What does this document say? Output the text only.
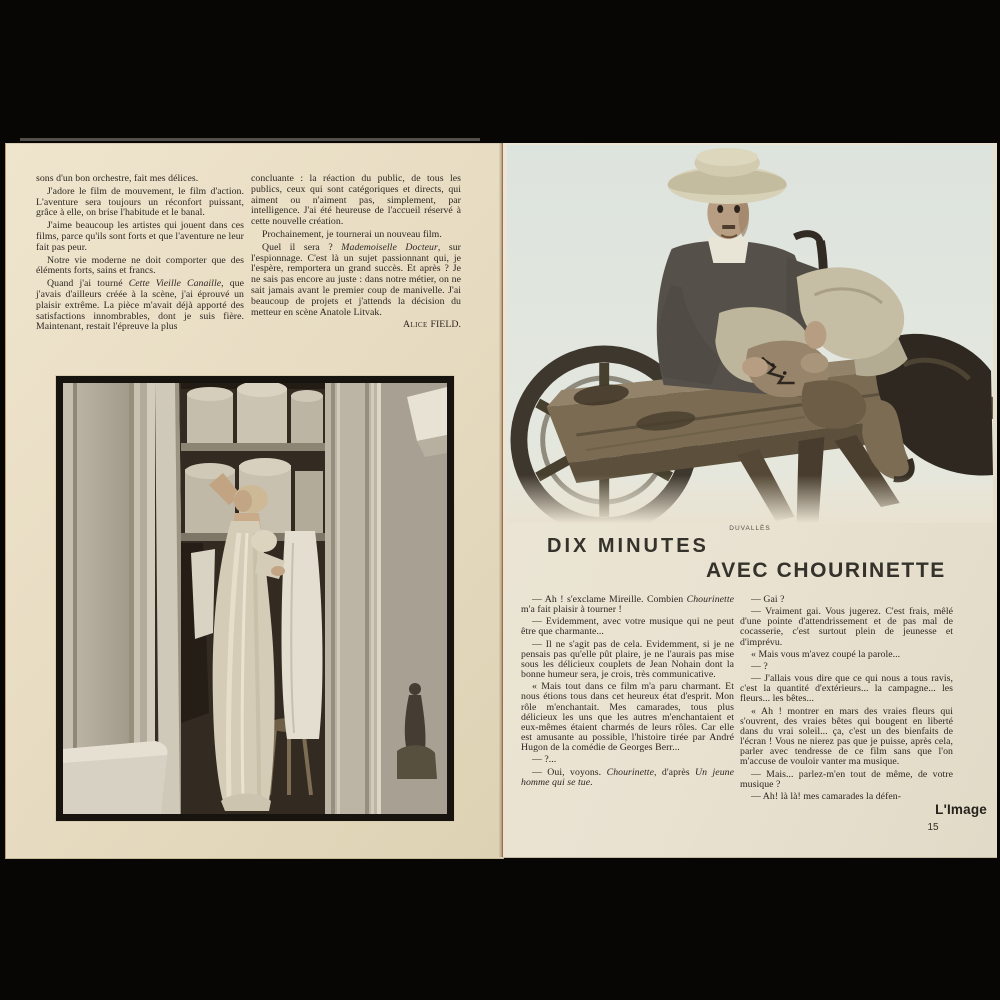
sons d'un bon orchestre, fait mes délices.

J'adore le film de mouvement, le film d'action. L'aventure sera toujours un réconfort puissant, grâce à elle, on brise l'habitude et le banal.

J'aime beaucoup les artistes qui jouent dans ces films, parce qu'ils sont forts et que l'aventure ne leur fait pas peur.

Notre vie moderne ne doit comporter que des éléments forts, sains et francs.

Quand j'ai tourné Cette Vieille Canaille, que j'avais d'ailleurs créée à la scène, j'ai éprouvé un plaisir extrême. La pièce m'avait déjà apporté des satisfactions innombrables, dont je suis fière. Maintenant, restait l'épreuve la plus

concluante : la réaction du public, de tous les publics, ceux qui sont catégoriques et directs, qui aiment ou n'aiment pas, simplement, par intelligence. J'ai été heureuse de l'accueil réservé à cette nouvelle création.

Prochainement, je tournerai un nouveau film.

Quel il sera ? Mademoiselle Docteur, sur l'espionnage. C'est là un sujet passionnant qui, je l'espère, remportera un grand succès. Et après ? Je ne sais pas encore au juste : dans notre métier, on ne sait jamais avant le premier coup de manivelle. J'ai beaucoup de projets et j'attends la décision du metteur en scène Anatole Litvak.

Alice FIELD.

DUVALLÈS
DIX MINUTES
AVEC CHOURINETTE

— Ah ! s'exclame Mireille. Combien Chourinette m'a fait plaisir à tourner !

— Evidemment, avec votre musique qui ne peut être que charmante...

— Il ne s'agit pas de cela. Evidemment, si je ne pensais pas qu'elle pût plaire, je ne l'aurais pas mise sous les délicieux couplets de Jean Nohain dont la bonne humeur sera, je crois, très communicative.

« Mais tout dans ce film m'a paru charmant. Et nous étions tous dans cet heureux état d'esprit. Mon rôle m'enchantait. Mes camarades, tous plus délicieux les uns que les autres m'enchantaient et eux-mêmes étaient charmés de leurs rôles. Car elle est amusante au possible, l'histoire tirée par André Hugon de la comédie de Georges Berr...

— ?...

— Oui, voyons. Chourinette, d'après Un jeune homme qui se tue.

— Gai ?

— Vraiment gai. Vous jugerez. C'est frais, mêlé d'une pointe d'attendrissement et de pas mal de cocasserie, c'est surtout plein de jeunesse et d'imprévu.

« Mais vous m'avez coupé la parole...

— ?

— J'allais vous dire que ce qui nous a tous ravis, c'est la quantité d'extérieurs... la campagne... les fleurs... les bêtes...

« Ah ! montrer en mars des vraies fleurs qui s'ouvrent, des vraies bêtes qui bougent en liberté dans du vrai soleil... ça, c'est un des bienfaits de l'écran ! Vous ne nierez pas que je puisse, après cela, parler avec tendresse de ce film sans que l'on m'accuse de vouloir vanter ma musique.

— Mais... parlez-m'en tout de même, de votre musique ?

— Ah! là là! mes camarades la défen-

L'Image
15
